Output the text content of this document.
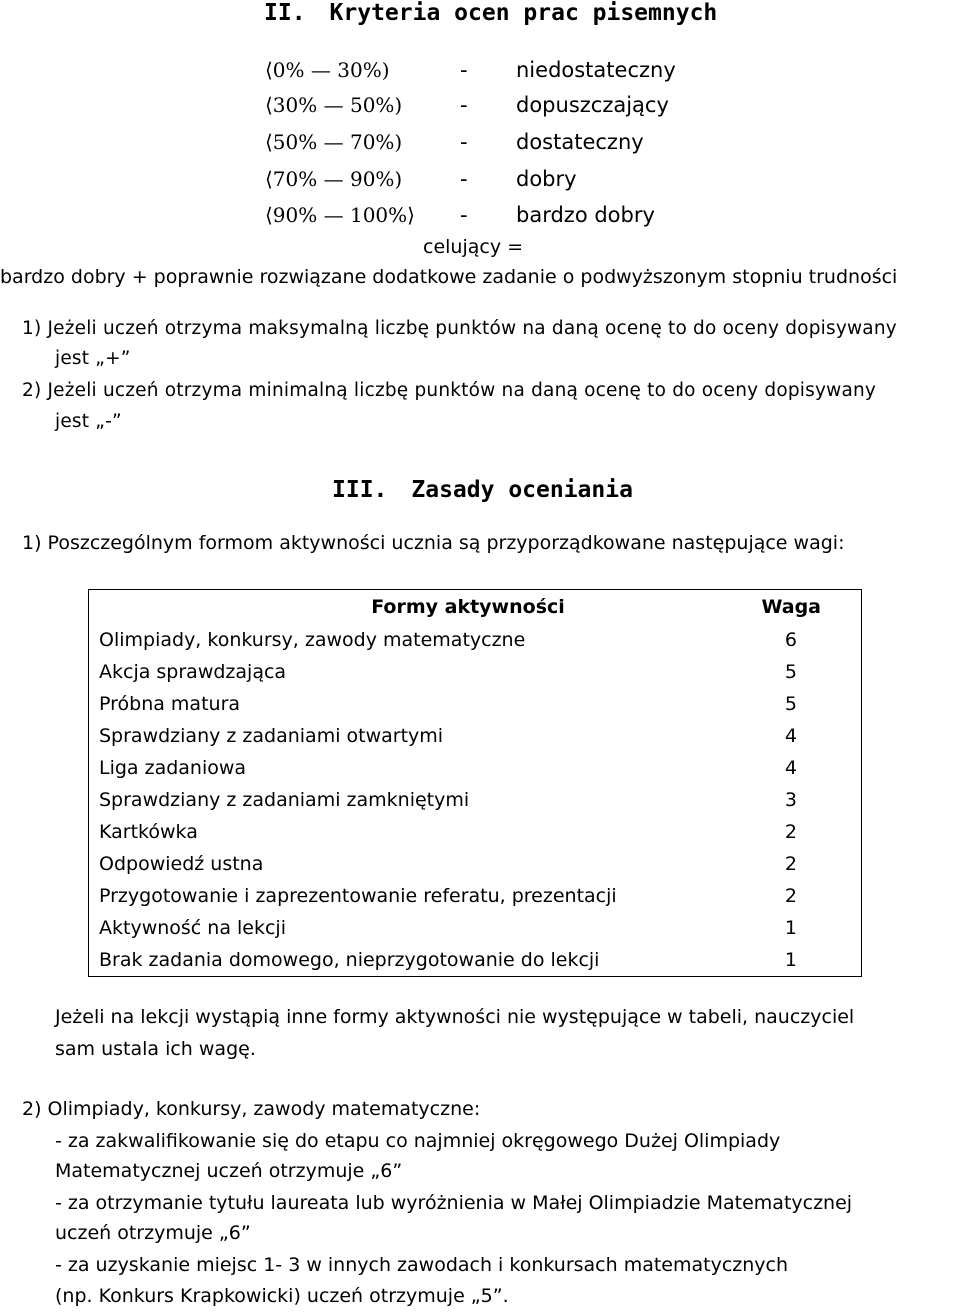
II. Kryteria ocen prac pisemnych
⟨0% — 30%)	- niedostateczny
⟨30% — 50%)	- dopuszczający
⟨50% — 70%)	- dostateczny
⟨70% — 90%)	- dobry
⟨90% — 100%⟩ - bardzo dobry
celujący =
bardzo dobry + poprawnie rozwiązane dodatkowe zadanie o podwyższonym stopniu trudności
1) Jeżeli uczeń otrzyma maksymalną liczbę punktów na daną ocenę to do oceny dopisywany
jest „+”
2) Jeżeli uczeń otrzyma minimalną liczbę punktów na daną ocenę to do oceny dopisywany
jest „-”
III. Zasady oceniania
1) Poszczególnym formom aktywności ucznia są przyporządkowane następujące wagi:
Formy aktywności	Waga
Olimpiady, konkursy, zawody matematyczne	6
Akcja sprawdzająca	5
Próbna matura	5
Sprawdziany z zadaniami otwartymi	4
Liga zadaniowa	4
Sprawdziany z zadaniami zamkniętymi	3
Kartkówka	2
Odpowiedź ustna	2
Przygotowanie i zaprezentowanie referatu, prezentacji	2
Aktywność na lekcji	1
Brak zadania domowego, nieprzygotowanie do lekcji	1
Jeżeli na lekcji wystąpią inne formy aktywności nie występujące w tabeli, nauczyciel
sam ustala ich wagę.
2) Olimpiady, konkursy, zawody matematyczne:
- za zakwalifikowanie się do etapu co najmniej okręgowego Dużej Olimpiady
Matematycznej uczeń otrzymuje „6”
- za otrzymanie tytułu laureata lub wyróżnienia w Małej Olimpiadzie Matematycznej
uczeń otrzymuje „6”
- za uzyskanie miejsc 1- 3 w innych zawodach i konkursach matematycznych
(np. Konkurs Krapkowicki) uczeń otrzymuje „5”.
